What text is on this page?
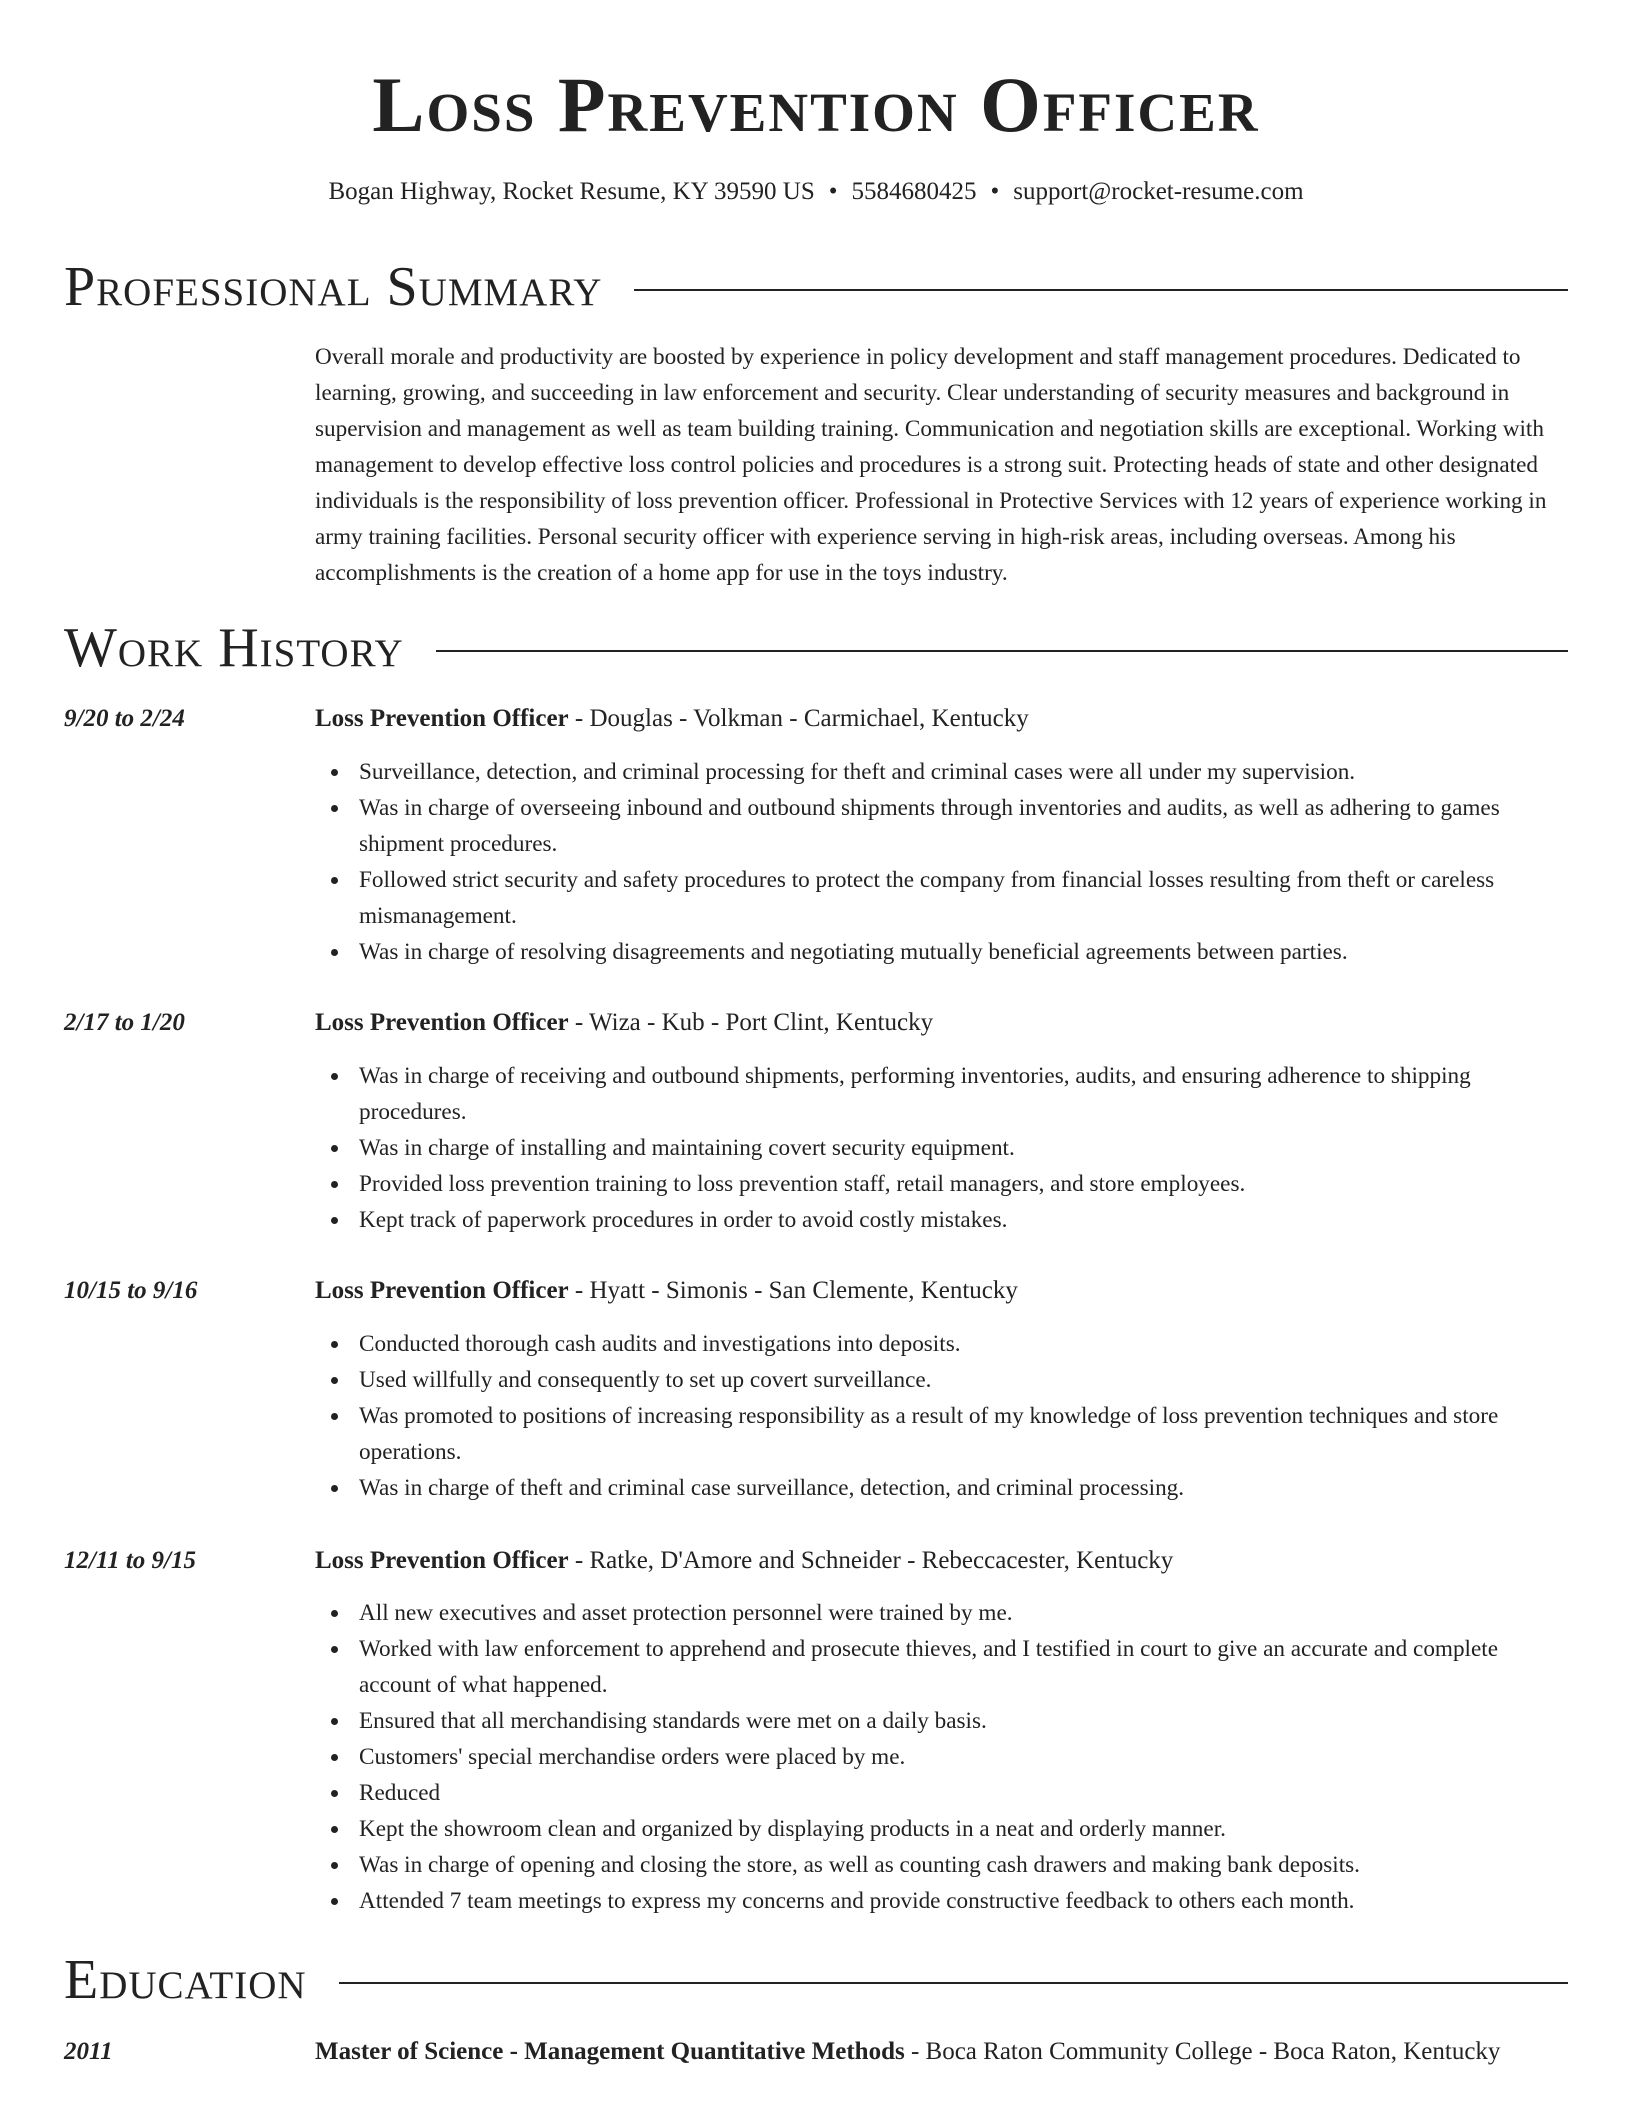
Loss Prevention Officer
Bogan Highway, Rocket Resume, KY 39590 US • 5584680425 • support@rocket-resume.com
Professional Summary

Overall morale and productivity are boosted by experience in policy development and staff management procedures. Dedicated to learning, growing, and succeeding in law enforcement and security. Clear understanding of security measures and background in supervision and management as well as team building training. Communication and negotiation skills are exceptional. Working with management to develop effective loss control policies and procedures is a strong suit. Protecting heads of state and other designated individuals is the responsibility of loss prevention officer. Professional in Protective Services with 12 years of experience working in army training facilities. Personal security officer with experience serving in high-risk areas, including overseas. Among his accomplishments is the creation of a home app for use in the toys industry.

Work History
9/20 to 2/24	Loss Prevention Officer - Douglas - Volkman - Carmichael, Kentucky
Surveillance, detection, and criminal processing for theft and criminal cases were all under my supervision.
Was in charge of overseeing inbound and outbound shipments through inventories and audits, as well as adhering to games shipment procedures.
Followed strict security and safety procedures to protect the company from financial losses resulting from theft or careless mismanagement.
Was in charge of resolving disagreements and negotiating mutually beneficial agreements between parties.
2/17 to 1/20	Loss Prevention Officer - Wiza - Kub - Port Clint, Kentucky
Was in charge of receiving and outbound shipments, performing inventories, audits, and ensuring adherence to shipping procedures.
Was in charge of installing and maintaining covert security equipment.
Provided loss prevention training to loss prevention staff, retail managers, and store employees.
Kept track of paperwork procedures in order to avoid costly mistakes.
10/15 to 9/16	Loss Prevention Officer - Hyatt - Simonis - San Clemente, Kentucky
Conducted thorough cash audits and investigations into deposits.
Used willfully and consequently to set up covert surveillance.
Was promoted to positions of increasing responsibility as a result of my knowledge of loss prevention techniques and store operations.
Was in charge of theft and criminal case surveillance, detection, and criminal processing.
12/11 to 9/15	Loss Prevention Officer - Ratke, D'Amore and Schneider - Rebeccacester, Kentucky
All new executives and asset protection personnel were trained by me.
Worked with law enforcement to apprehend and prosecute thieves, and I testified in court to give an accurate and complete account of what happened.
Ensured that all merchandising standards were met on a daily basis.
Customers' special merchandise orders were placed by me.
Reduced
Kept the showroom clean and organized by displaying products in a neat and orderly manner.
Was in charge of opening and closing the store, as well as counting cash drawers and making bank deposits.
Attended 7 team meetings to express my concerns and provide constructive feedback to others each month.
Education
2011	Master of Science - Management Quantitative Methods - Boca Raton Community College - Boca Raton, Kentucky
